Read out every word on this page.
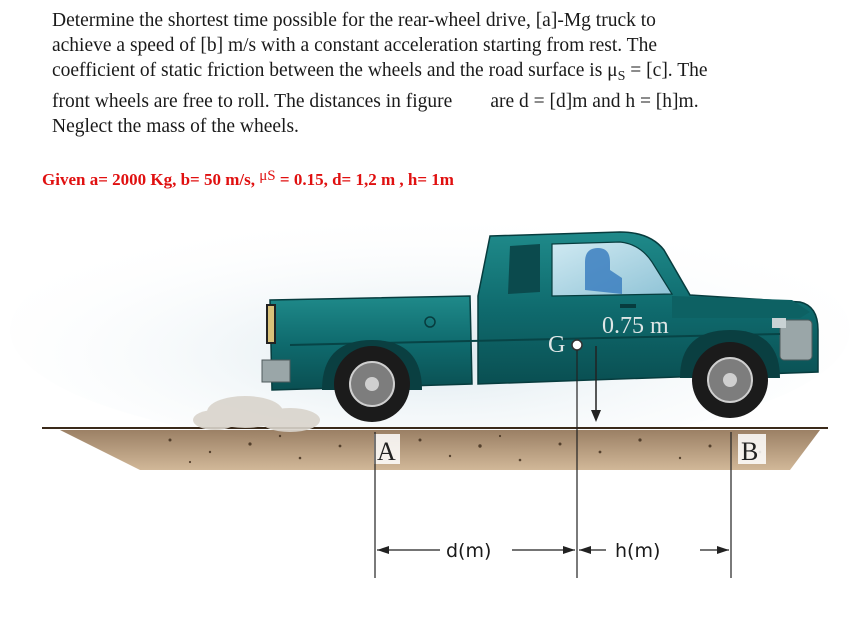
Determine the shortest time possible for the rear-wheel drive, [a]-Mg truck to
achieve a speed of [b] m/s with a constant acceleration starting from rest. The
coefficient of static friction between the wheels and the road surface is $\mu_S = [c]$. The
front wheels are free to roll. The distances in figure are d = [d]m and h = [h]m.
Neglect the mass of the wheels.
Given a= 2000 Kg, b= 50 m/s, μS = 0.15, d= 1,2 m , h= 1m
G
0.75 m
A	B
d(m)	h(m)
